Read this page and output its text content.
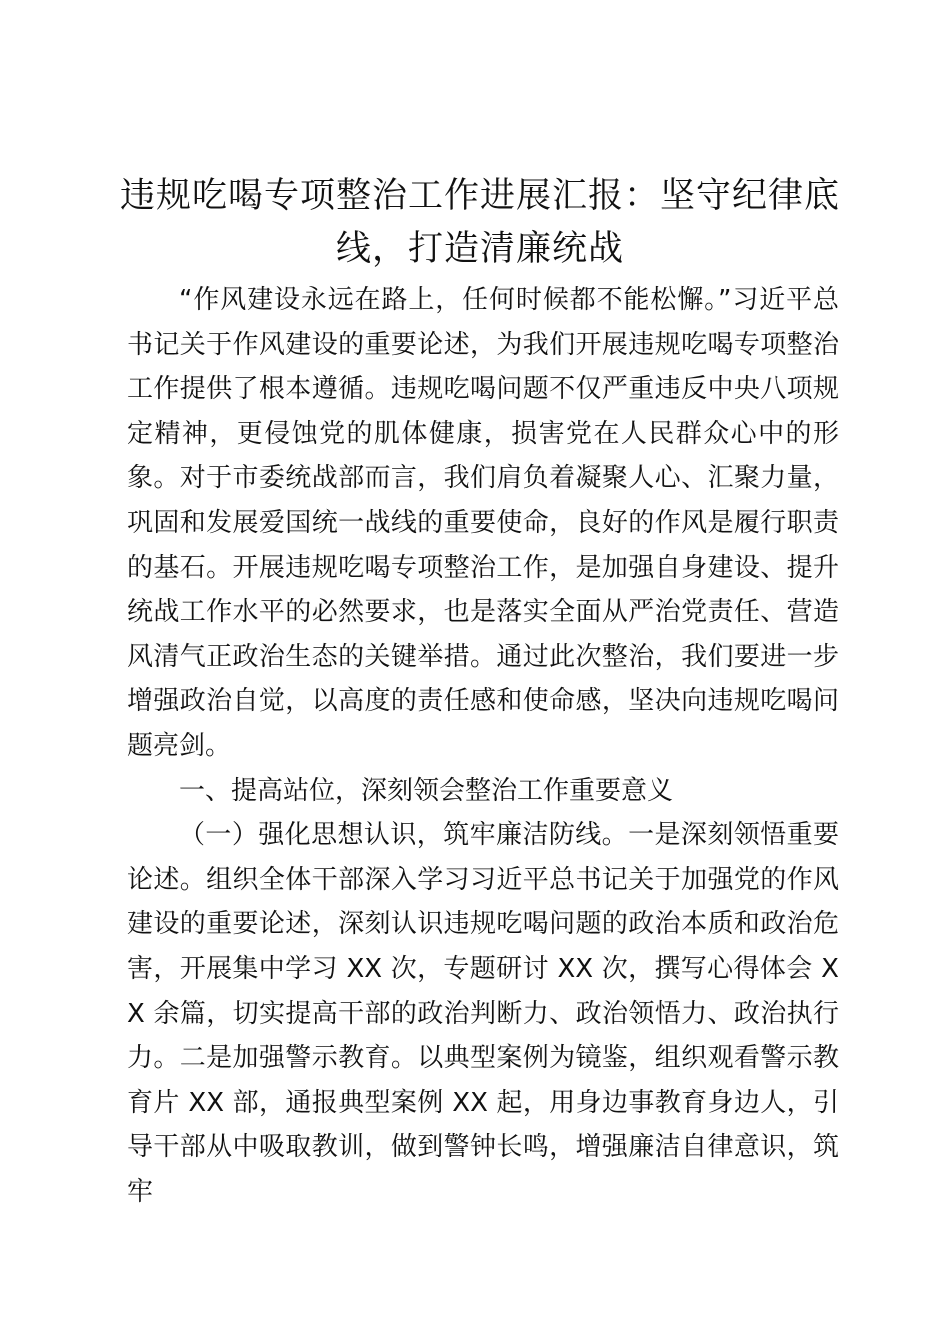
违规吃喝专项整治工作进展汇报：坚守纪律底线，打造清廉统战

“作风建设永远在路上，任何时候都不能松懈。”习近平总书记关于作风建设的重要论述，为我们开展违规吃喝专项整治工作提供了根本遵循。违规吃喝问题不仅严重违反中央八项规定精神，更侵蚀党的肌体健康，损害党在人民群众心中的形象。对于市委统战部而言，我们肩负着凝聚人心、汇聚力量，巩固和发展爱国统一战线的重要使命，良好的作风是履行职责的基石。开展违规吃喝专项整治工作，是加强自身建设、提升统战工作水平的必然要求，也是落实全面从严治党责任、营造风清气正政治生态的关键举措。通过此次整治，我们要进一步增强政治自觉，以高度的责任感和使命感，坚决向违规吃喝问题亮剑。

一、提高站位，深刻领会整治工作重要意义

（一）强化思想认识，筑牢廉洁防线。一是深刻领悟重要论述。组织全体干部深入学习习近平总书记关于加强党的作风建设的重要论述，深刻认识违规吃喝问题的政治本质和政治危害，开展集中学习 XX 次，专题研讨 XX 次，撰写心得体会 XX 余篇，切实提高干部的政治判断力、政治领悟力、政治执行力。二是加强警示教育。以典型案例为镜鉴，组织观看警示教育片 XX 部，通报典型案例 XX 起，用身边事教育身边人，引导干部从中吸取教训，做到警钟长鸣，增强廉洁自律意识，筑牢
